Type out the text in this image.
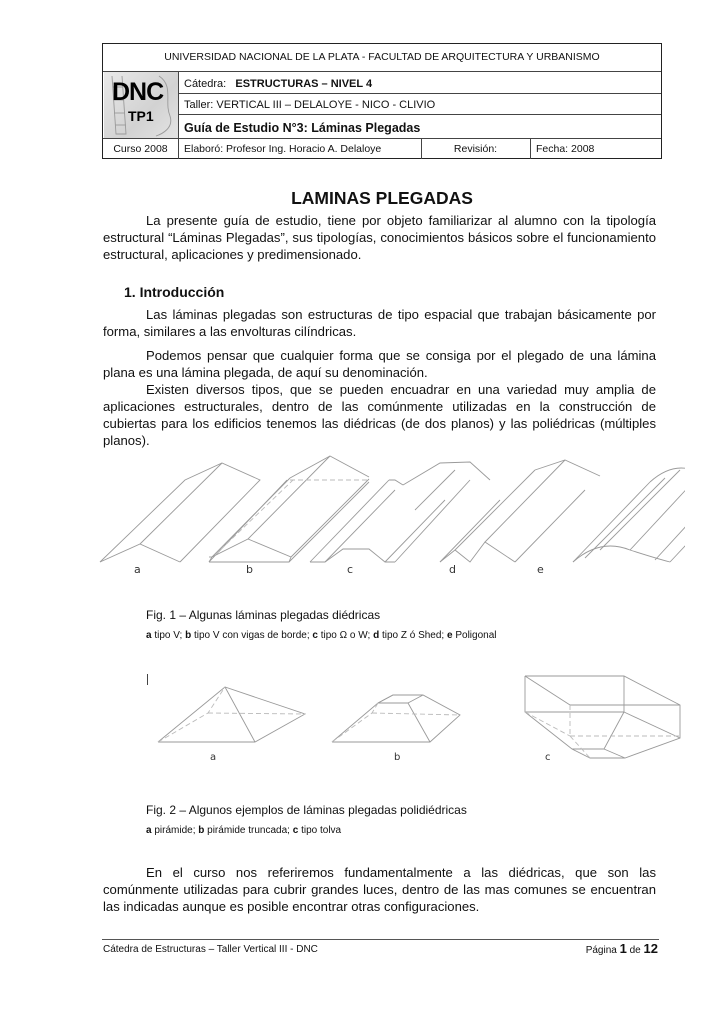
UNIVERSIDAD NACIONAL DE LA PLATA - FACULTAD DE ARQUITECTURA Y URBANISMO
DNC
TP1
Cátedra: ESTRUCTURAS – NIVEL 4
Taller: VERTICAL III – DELALOYE - NICO - CLIVIO
Guía de Estudio N°3: Láminas Plegadas
Curso 2008	Elaboró: Profesor Ing. Horacio A. Delaloye	Revisión:	Fecha: 2008
LAMINAS PLEGADAS
La presente guía de estudio, tiene por objeto familiarizar al alumno con la tipología estructural “Láminas Plegadas”, sus tipologías, conocimientos básicos sobre el funcionamiento estructural, aplicaciones y predimensionado.
1. Introducción
Las láminas plegadas son estructuras de tipo espacial que trabajan básicamente por forma, similares a las envolturas cilíndricas.
Podemos pensar que cualquier forma que se consiga por el plegado de una lámina plana es una lámina plegada, de aquí su denominación.
Existen diversos tipos, que se pueden encuadrar en una variedad muy amplia de aplicaciones estructurales, dentro de las comúnmente utilizadas en la construcción de cubiertas para los edificios tenemos las diédricas (de dos planos) y las poliédricas (múltiples planos).
a	b	c	d	e
Fig. 1 – Algunas láminas plegadas diédricas
a tipo V; b tipo V con vigas de borde; c tipo Ω o W; d tipo Z ó Shed; e Poligonal
a	b	c
Fig. 2 – Algunos ejemplos de láminas plegadas polidiédricas
a pirámide; b pirámide truncada; c tipo tolva
En el curso nos referiremos fundamentalmente a las diédricas, que son las comúnmente utilizadas para cubrir grandes luces, dentro de las mas comunes se encuentran las indicadas aunque es posible encontrar otras configuraciones.
Cátedra de Estructuras – Taller Vertical III - DNC	Página 1 de 12
